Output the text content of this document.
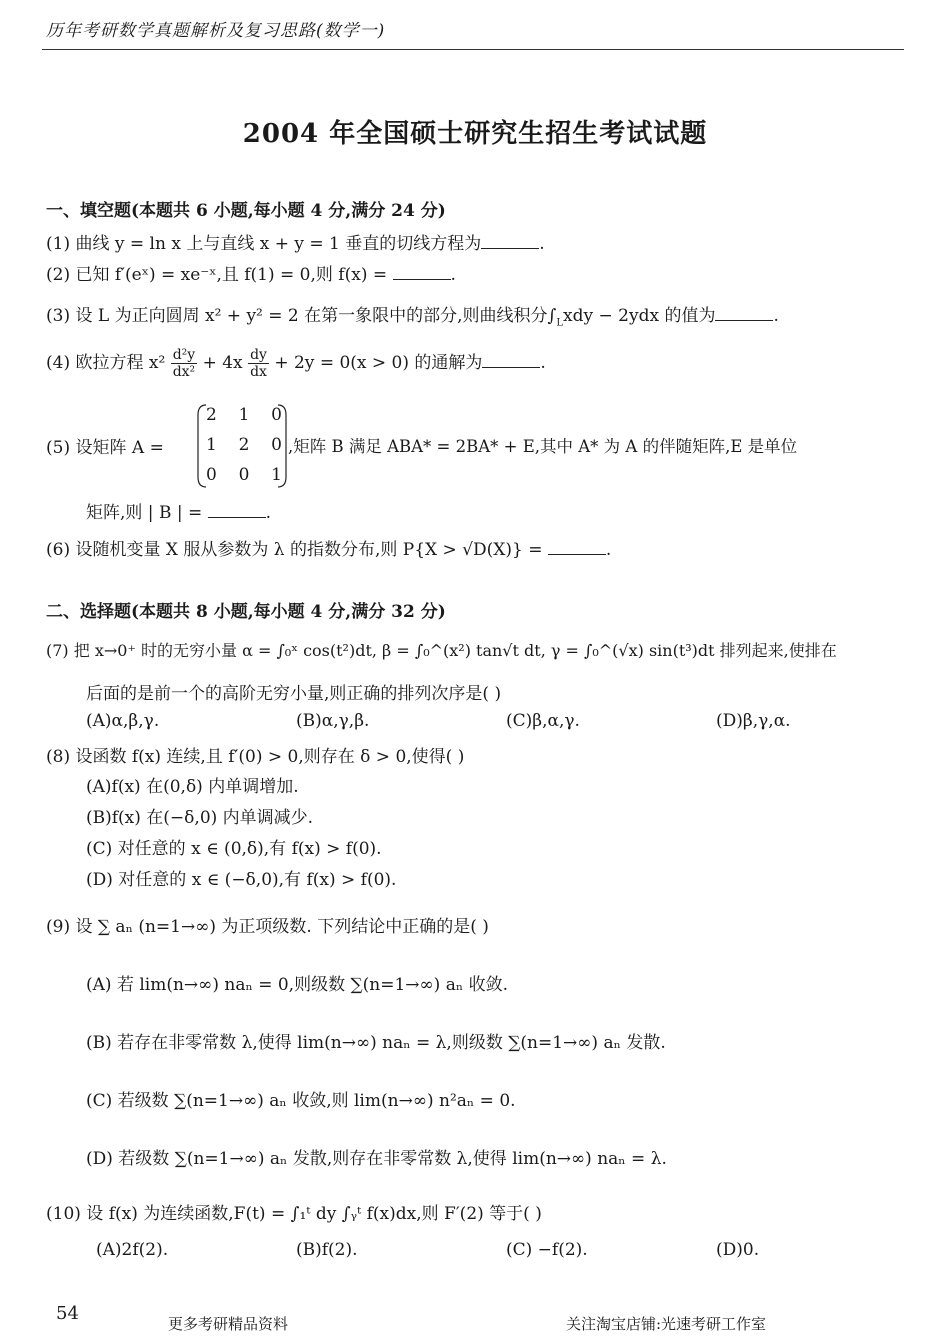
历年考研数学真题解析及复习思路(数学一)
2004 年全国硕士研究生招生考试试题
一、填空题(本题共 6 小题,每小题 4 分,满分 24 分)
(1) 曲线 y = ln x 上与直线 x + y = 1 垂直的切线方程为	.
(2) 已知 f′(eˣ) = xe⁻ˣ,且 f(1) = 0,则 f(x) =	.
(3) 设 L 为正向圆周 x² + y² = 2 在第一象限中的部分,则曲线积分$\int_Lxdy - 2ydx$ 的值为	.
(4) 欧拉方程 $x^2 \frac{\text{d²y}}{\text{dx²}} + 4x \frac{dy}{dx} + 2y = 0(x > 0)$ 的通解为	.
(5) 设矩阵 A =
2 1 0
1 2 0
0 0 1
,矩阵 B 满足 ABA* = 2BA* + E,其中 A* 为 A 的伴随矩阵,E 是单位
矩阵,则 | B | =	.
(6) 设随机变量 X 服从参数为 λ 的指数分布,则 P{X > √D(X)} =	.
二、选择题(本题共 8 小题,每小题 4 分,满分 32 分)
(7) 把 x→0⁺ 时的无穷小量 α = ∫₀ˣ cos(t²)dt, β = ∫₀^(x²) tan√t dt, γ = ∫₀^(√x) sin(t³)dt 排列起来,使排在
后面的是前一个的高阶无穷小量,则正确的排列次序是( )
(A)α,β,γ.	(B)α,γ,β.	(C)β,α,γ.	(D)β,γ,α.
(8) 设函数 f(x) 连续,且 f′(0) > 0,则存在 δ > 0,使得( )
(A)f(x) 在(0,δ) 内单调增加.
(B)f(x) 在(−δ,0) 内单调减少.
(C) 对任意的 x ∈ (0,δ),有 f(x) > f(0).
(D) 对任意的 x ∈ (−δ,0),有 f(x) > f(0).
(9) 设 ∑ aₙ (n=1→∞) 为正项级数. 下列结论中正确的是( )
(A) 若 lim(n→∞) naₙ = 0,则级数 ∑(n=1→∞) aₙ 收敛.
(B) 若存在非零常数 λ,使得 lim(n→∞) naₙ = λ,则级数 ∑(n=1→∞) aₙ 发散.
(C) 若级数 ∑(n=1→∞) aₙ 收敛,则 lim(n→∞) n²aₙ = 0.
(D) 若级数 ∑(n=1→∞) aₙ 发散,则存在非零常数 λ,使得 lim(n→∞) naₙ = λ.
(10) 设 f(x) 为连续函数,F(t) = ∫₁ᵗ dy ∫ᵧᵗ f(x)dx,则 F′(2) 等于( )
(A)2f(2).	(B)f(2).	(C) −f(2).	(D)0.
54	更多考研精品资料	关注淘宝店铺:光速考研工作室
